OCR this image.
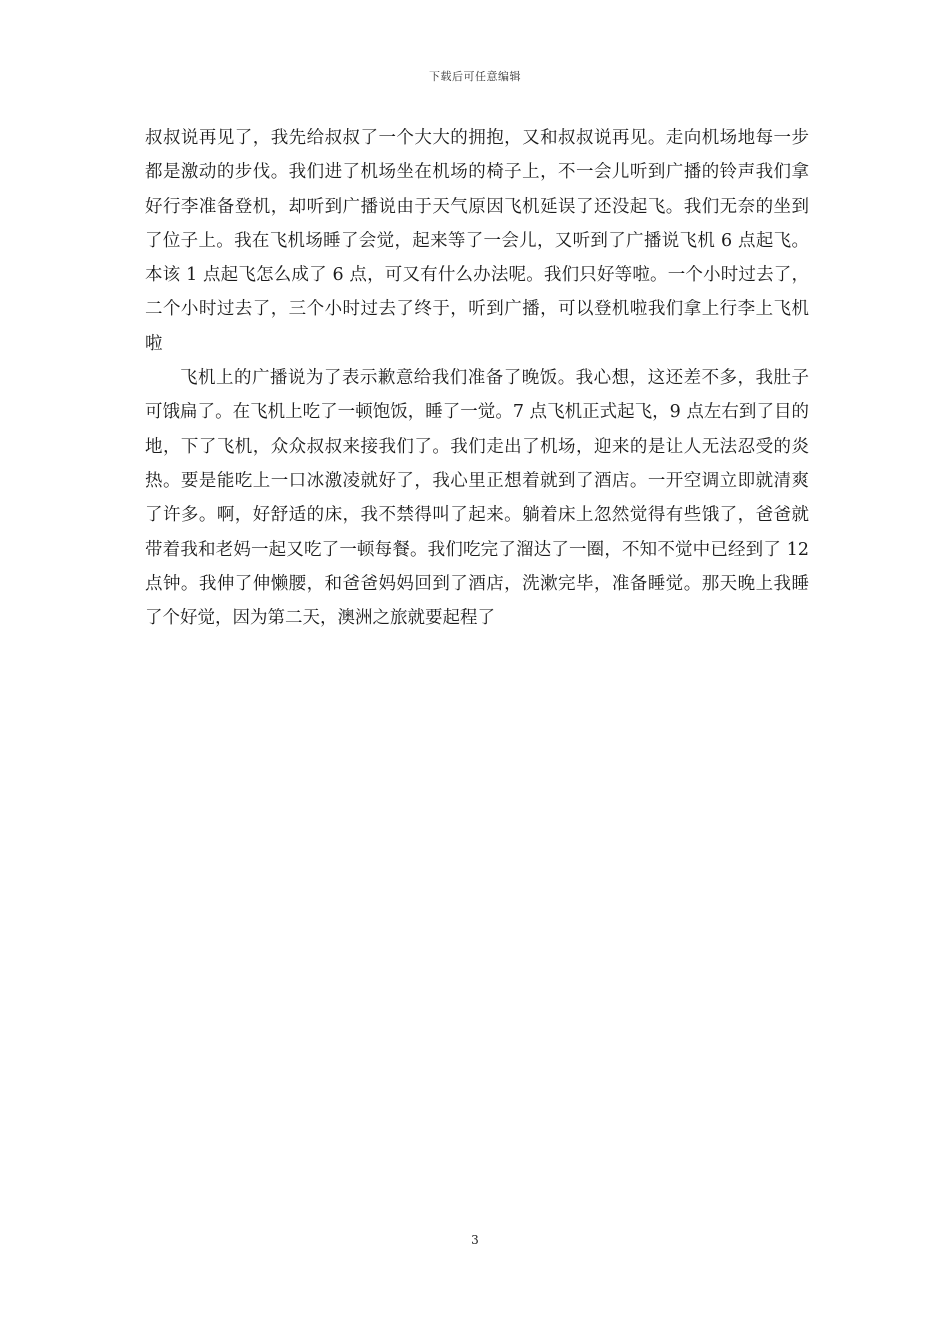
下载后可任意编辑

叔叔说再见了，我先给叔叔了一个大大的拥抱，又和叔叔说再见。走向机场地每一步都是激动的步伐。我们进了机场坐在机场的椅子上，不一会儿听到广播的铃声我们拿好行李准备登机，却听到广播说由于天气原因飞机延误了还没起飞。我们无奈的坐到了位子上。我在飞机场睡了会觉，起来等了一会儿，又听到了广播说飞机 6 点起飞。本该 1 点起飞怎么成了 6 点，可又有什么办法呢。我们只好等啦。一个小时过去了，二个小时过去了，三个小时过去了终于，听到广播，可以登机啦我们拿上行李上飞机啦

飞机上的广播说为了表示歉意给我们准备了晚饭。我心想，这还差不多，我肚子可饿扁了。在飞机上吃了一顿饱饭，睡了一觉。7 点飞机正式起飞，9 点左右到了目的地，下了飞机，众众叔叔来接我们了。我们走出了机场，迎来的是让人无法忍受的炎热。要是能吃上一口冰激凌就好了，我心里正想着就到了酒店。一开空调立即就清爽了许多。啊，好舒适的床，我不禁得叫了起来。躺着床上忽然觉得有些饿了，爸爸就带着我和老妈一起又吃了一顿每餐。我们吃完了溜达了一圈，不知不觉中已经到了 12 点钟。我伸了伸懒腰，和爸爸妈妈回到了酒店，洗漱完毕，准备睡觉。那天晚上我睡了个好觉，因为第二天，澳洲之旅就要起程了

3
